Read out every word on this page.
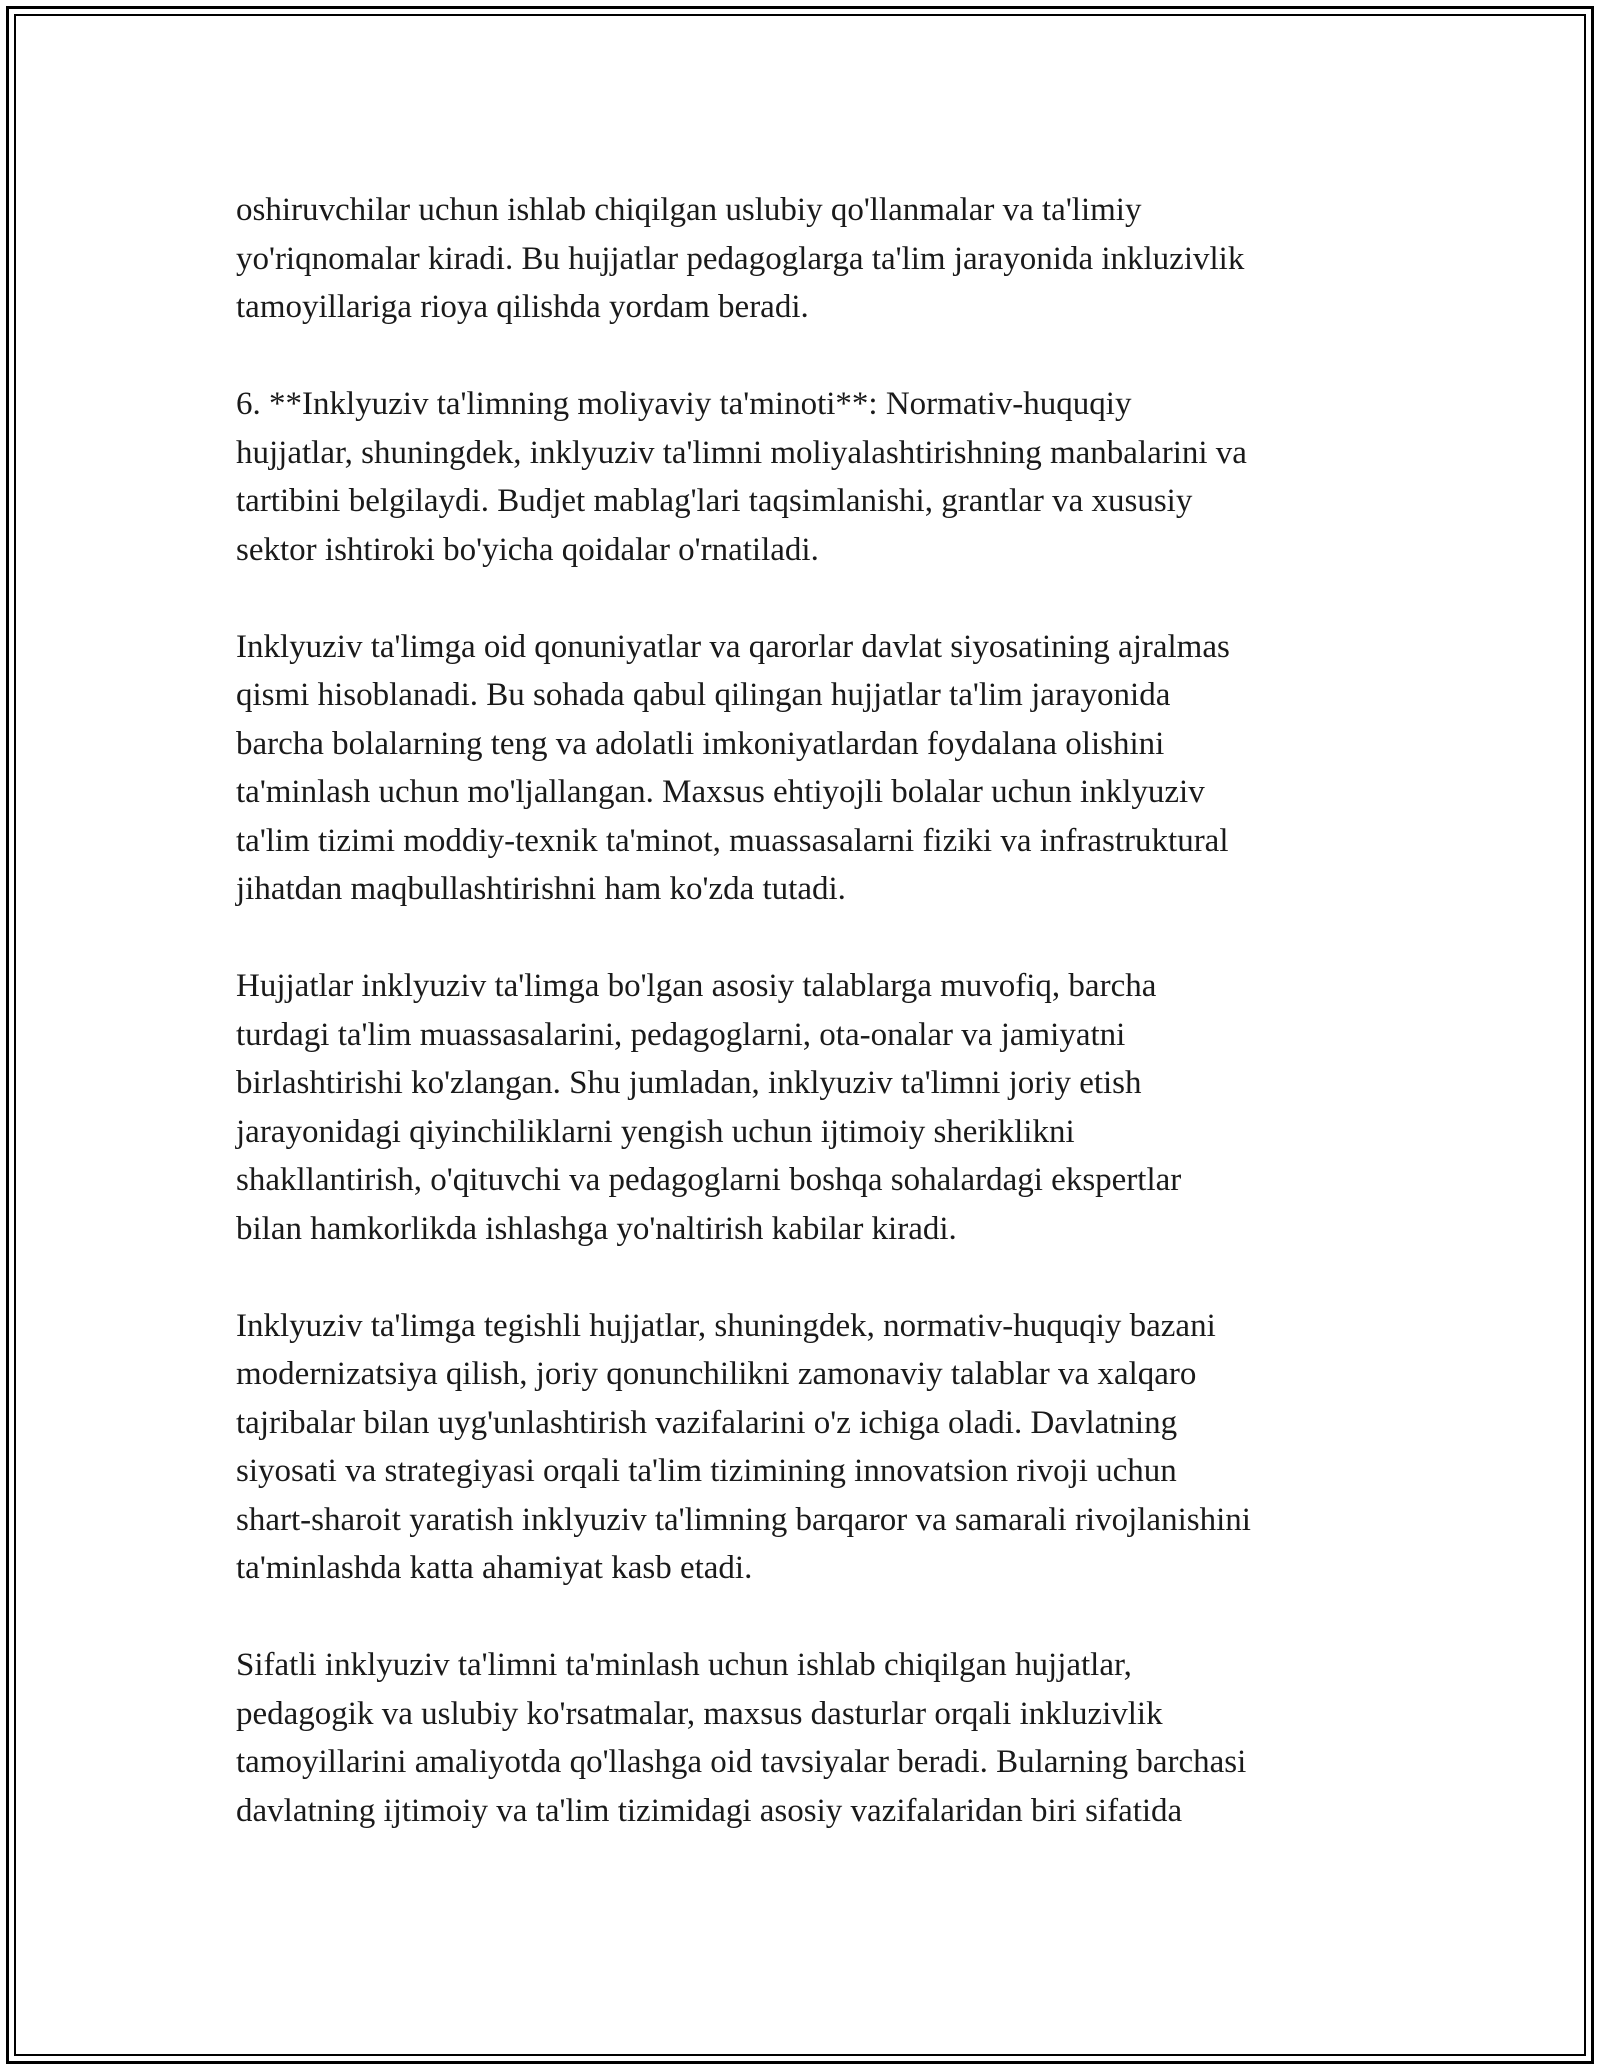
oshiruvchilar uchun ishlab chiqilgan uslubiy qo'llanmalar va ta'limiy
yo'riqnomalar kiradi. Bu hujjatlar pedagoglarga ta'lim jarayonida inkluzivlik
tamoyillariga rioya qilishda yordam beradi.

6. **Inklyuziv ta'limning moliyaviy ta'minoti**: Normativ-huquqiy
hujjatlar, shuningdek, inklyuziv ta'limni moliyalashtirishning manbalarini va
tartibini belgilaydi. Budjet mablag'lari taqsimlanishi, grantlar va xususiy
sektor ishtiroki bo'yicha qoidalar o'rnatiladi.

Inklyuziv ta'limga oid qonuniyatlar va qarorlar davlat siyosatining ajralmas
qismi hisoblanadi. Bu sohada qabul qilingan hujjatlar ta'lim jarayonida
barcha bolalarning teng va adolatli imkoniyatlardan foydalana olishini
ta'minlash uchun mo'ljallangan. Maxsus ehtiyojli bolalar uchun inklyuziv
ta'lim tizimi moddiy-texnik ta'minot, muassasalarni fiziki va infrastruktural
jihatdan maqbullashtirishni ham ko'zda tutadi.

Hujjatlar inklyuziv ta'limga bo'lgan asosiy talablarga muvofiq, barcha
turdagi ta'lim muassasalarini, pedagoglarni, ota-onalar va jamiyatni
birlashtirishi ko'zlangan. Shu jumladan, inklyuziv ta'limni joriy etish
jarayonidagi qiyinchiliklarni yengish uchun ijtimoiy sheriklikni
shakllantirish, o'qituvchi va pedagoglarni boshqa sohalardagi ekspertlar
bilan hamkorlikda ishlashga yo'naltirish kabilar kiradi.

Inklyuziv ta'limga tegishli hujjatlar, shuningdek, normativ-huquqiy bazani
modernizatsiya qilish, joriy qonunchilikni zamonaviy talablar va xalqaro
tajribalar bilan uyg'unlashtirish vazifalarini o'z ichiga oladi. Davlatning
siyosati va strategiyasi orqali ta'lim tizimining innovatsion rivoji uchun
shart-sharoit yaratish inklyuziv ta'limning barqaror va samarali rivojlanishini
ta'minlashda katta ahamiyat kasb etadi.

Sifatli inklyuziv ta'limni ta'minlash uchun ishlab chiqilgan hujjatlar,
pedagogik va uslubiy ko'rsatmalar, maxsus dasturlar orqali inkluzivlik
tamoyillarini amaliyotda qo'llashga oid tavsiyalar beradi. Bularning barchasi
davlatning ijtimoiy va ta'lim tizimidagi asosiy vazifalaridan biri sifatida
